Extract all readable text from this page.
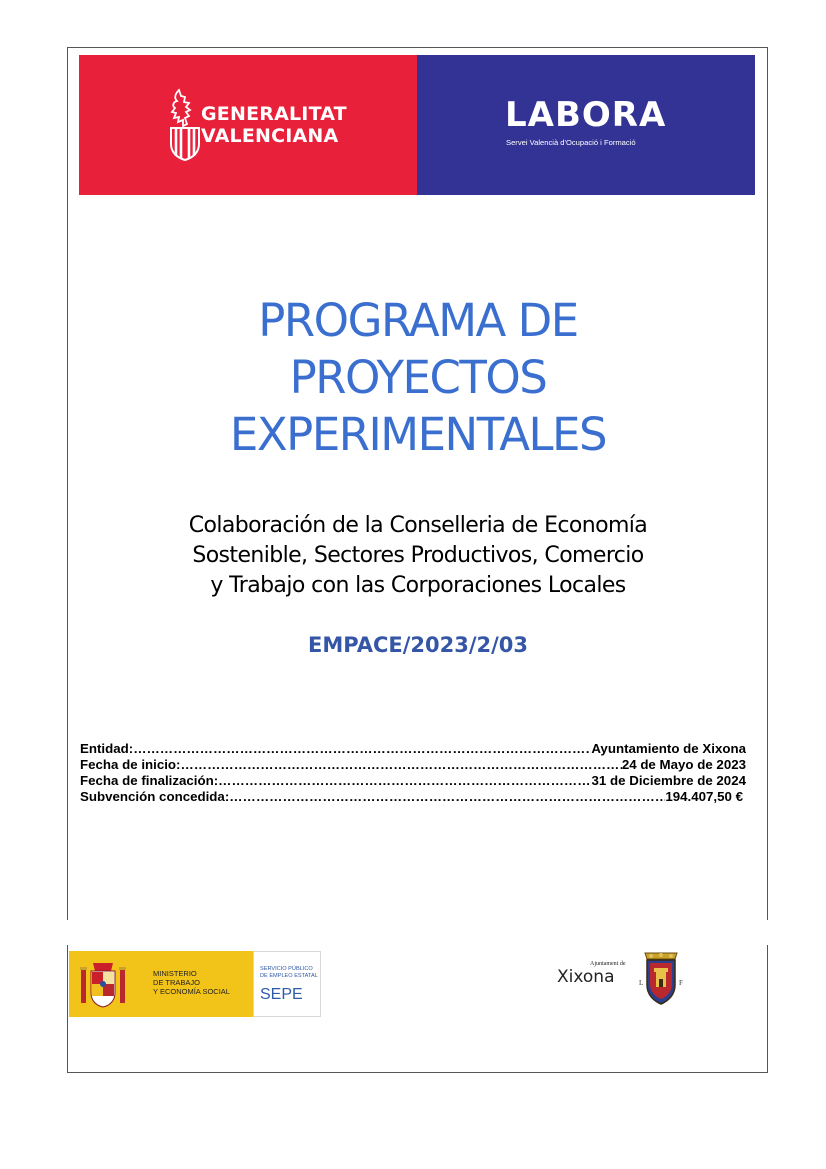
GENERALITAT
VALENCIANA
LABORA
Servei Valencià d'Ocupació i Formació
PROGRAMA DE
PROYECTOS
EXPERIMENTALES
Colaboración de la Conselleria de Economía
Sostenible, Sectores Productivos, Comercio
y Trabajo con las Corporaciones Locales
EMPACE/2023/2/03
Entidad: ………………………………………………………………………………………………………………	Ayuntamiento de Xixona
Fecha de inicio: ………………………………………………………………………………………………………………	24 de Mayo de 2023
Fecha de finalización: ………………………………………………………………………………………………………………	31 de Diciembre de 2024
Subvención concedida: ………………………………………………………………………………………………………………	194.407,50 €
MINISTERIO
DE TRABAJO
Y ECONOMÍA SOCIAL
SERVICIO PÚBLICO
DE EMPLEO ESTATAL
SEPE
Ajuntament de
Xixona	L	F
